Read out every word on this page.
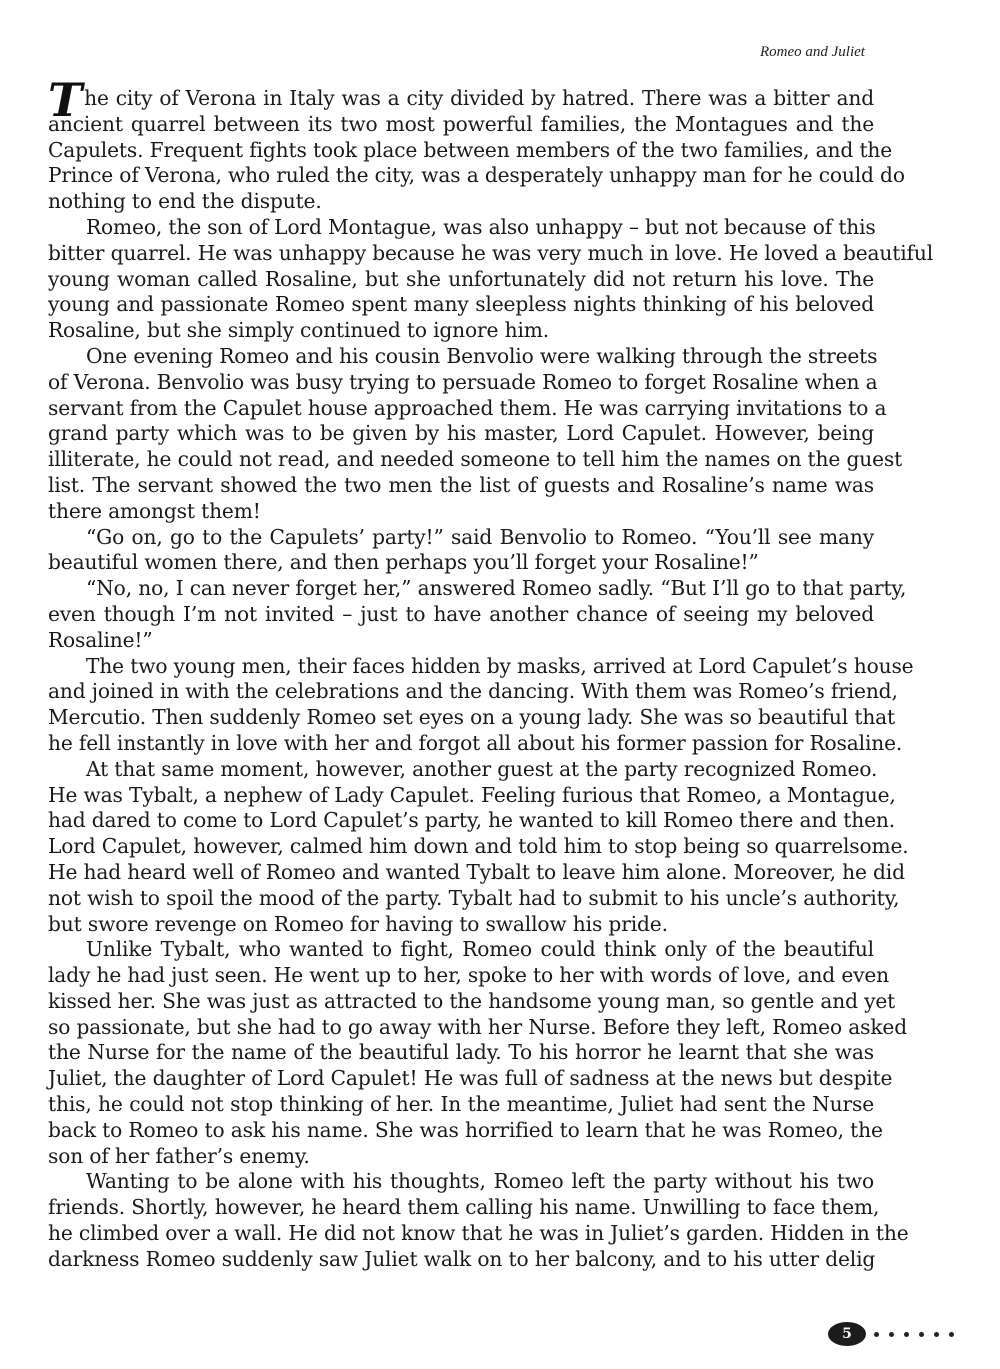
Romeo and Juliet
The city of Verona in Italy was a city divided by hatred. There was a bitter and
ancient quarrel between its two most powerful families, the Montagues and the
Capulets. Frequent fights took place between members of the two families, and the
Prince of Verona, who ruled the city, was a desperately unhappy man for he could do
nothing to end the dispute.
Romeo, the son of Lord Montague, was also unhappy – but not because of this
bitter quarrel. He was unhappy because he was very much in love. He loved a beautiful
young woman called Rosaline, but she unfortunately did not return his love. The
young and passionate Romeo spent many sleepless nights thinking of his beloved
Rosaline, but she simply continued to ignore him.
One evening Romeo and his cousin Benvolio were walking through the streets
of Verona. Benvolio was busy trying to persuade Romeo to forget Rosaline when a
servant from the Capulet house approached them. He was carrying invitations to a
grand party which was to be given by his master, Lord Capulet. However, being
illiterate, he could not read, and needed someone to tell him the names on the guest
list. The servant showed the two men the list of guests and Rosaline’s name was
there amongst them!
“Go on, go to the Capulets’ party!” said Benvolio to Romeo. “You’ll see many
beautiful women there, and then perhaps you’ll forget your Rosaline!”
“No, no, I can never forget her,” answered Romeo sadly. “But I’ll go to that party,
even though I’m not invited – just to have another chance of seeing my beloved
Rosaline!”
The two young men, their faces hidden by masks, arrived at Lord Capulet’s house
and joined in with the celebrations and the dancing. With them was Romeo’s friend,
Mercutio. Then suddenly Romeo set eyes on a young lady. She was so beautiful that
he fell instantly in love with her and forgot all about his former passion for Rosaline.
At that same moment, however, another guest at the party recognized Romeo.
He was Tybalt, a nephew of Lady Capulet. Feeling furious that Romeo, a Montague,
had dared to come to Lord Capulet’s party, he wanted to kill Romeo there and then.
Lord Capulet, however, calmed him down and told him to stop being so quarrelsome.
He had heard well of Romeo and wanted Tybalt to leave him alone. Moreover, he did
not wish to spoil the mood of the party. Tybalt had to submit to his uncle’s authority,
but swore revenge on Romeo for having to swallow his pride.
Unlike Tybalt, who wanted to fight, Romeo could think only of the beautiful
lady he had just seen. He went up to her, spoke to her with words of love, and even
kissed her. She was just as attracted to the handsome young man, so gentle and yet
so passionate, but she had to go away with her Nurse. Before they left, Romeo asked
the Nurse for the name of the beautiful lady. To his horror he learnt that she was
Juliet, the daughter of Lord Capulet! He was full of sadness at the news but despite
this, he could not stop thinking of her. In the meantime, Juliet had sent the Nurse
back to Romeo to ask his name. She was horrified to learn that he was Romeo, the
son of her father’s enemy.
Wanting to be alone with his thoughts, Romeo left the party without his two
friends. Shortly, however, he heard them calling his name. Unwilling to face them,
he climbed over a wall. He did not know that he was in Juliet’s garden. Hidden in the
darkness Romeo suddenly saw Juliet walk on to her balcony, and to his utter delig
5
